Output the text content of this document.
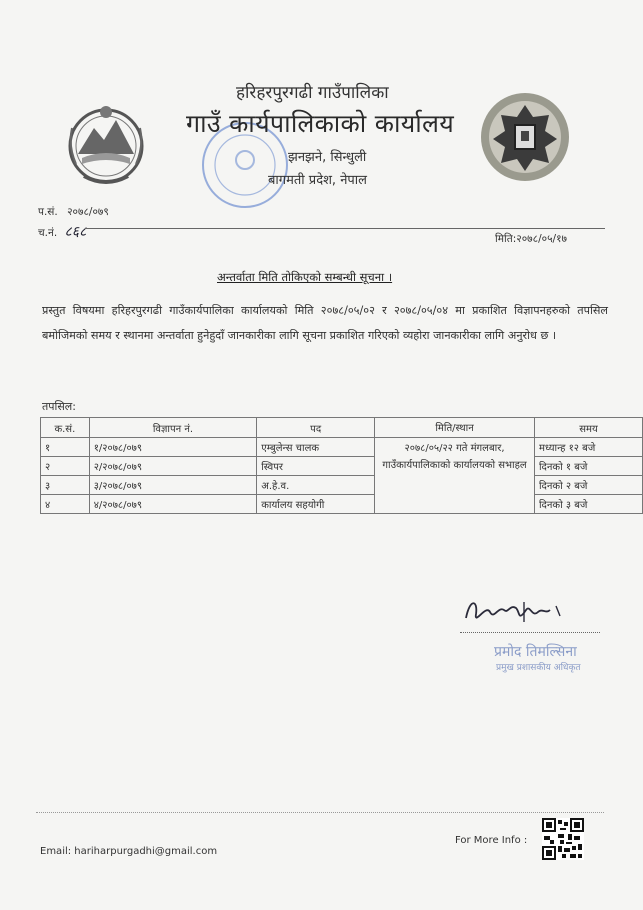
हरिहरपुरगढी गाउँपालिका
गाउँ कार्यपालिकाको कार्यालय
झनझने, सिन्धुली
बागमती प्रदेश, नेपाल
प.सं. २०७८/०७९
च.नं. ८६८	मिति:२०७८/०५/१७
अन्तर्वाता मिति तोकिएको सम्बन्धी सूचना ।
प्रस्तुत विषयमा हरिहरपुरगढी गाउँकार्यपालिका कार्यालयको मिति २०७८/०५/०२ र २०७८/०५/०४ मा प्रकाशित विज्ञापनहरुको तपसिल बमोजिमको समय र स्थानमा अन्तर्वाता हुनेहुदाँ जानकारीका लागि सूचना प्रकाशित गरिएको व्यहोरा जानकारीका लागि अनुरोध छ ।
तपसिल:
क.सं.	विज्ञापन नं.	पद	मिति/स्थान	समय
१	१/२०७८/०७९	एम्बुलेन्स चालक	२०७८/०५/२२ गते मंगलबार, गाउँकार्यपालिकाको कार्यालयको सभाहल	मध्यान्ह १२ बजे
२	२/२०७८/०७९	स्विपर		दिनको १ बजे
३	३/२०७८/०७९	अ.हे.व.		दिनको २ बजे
४	४/२०७८/०७९	कार्यालय सहयोगी		दिनको ३ बजे
प्रमोद तिमल्सिना
प्रमुख प्रशासकीय अधिकृत
Email: hariharpurgadhi@gmail.com
For More Info :
